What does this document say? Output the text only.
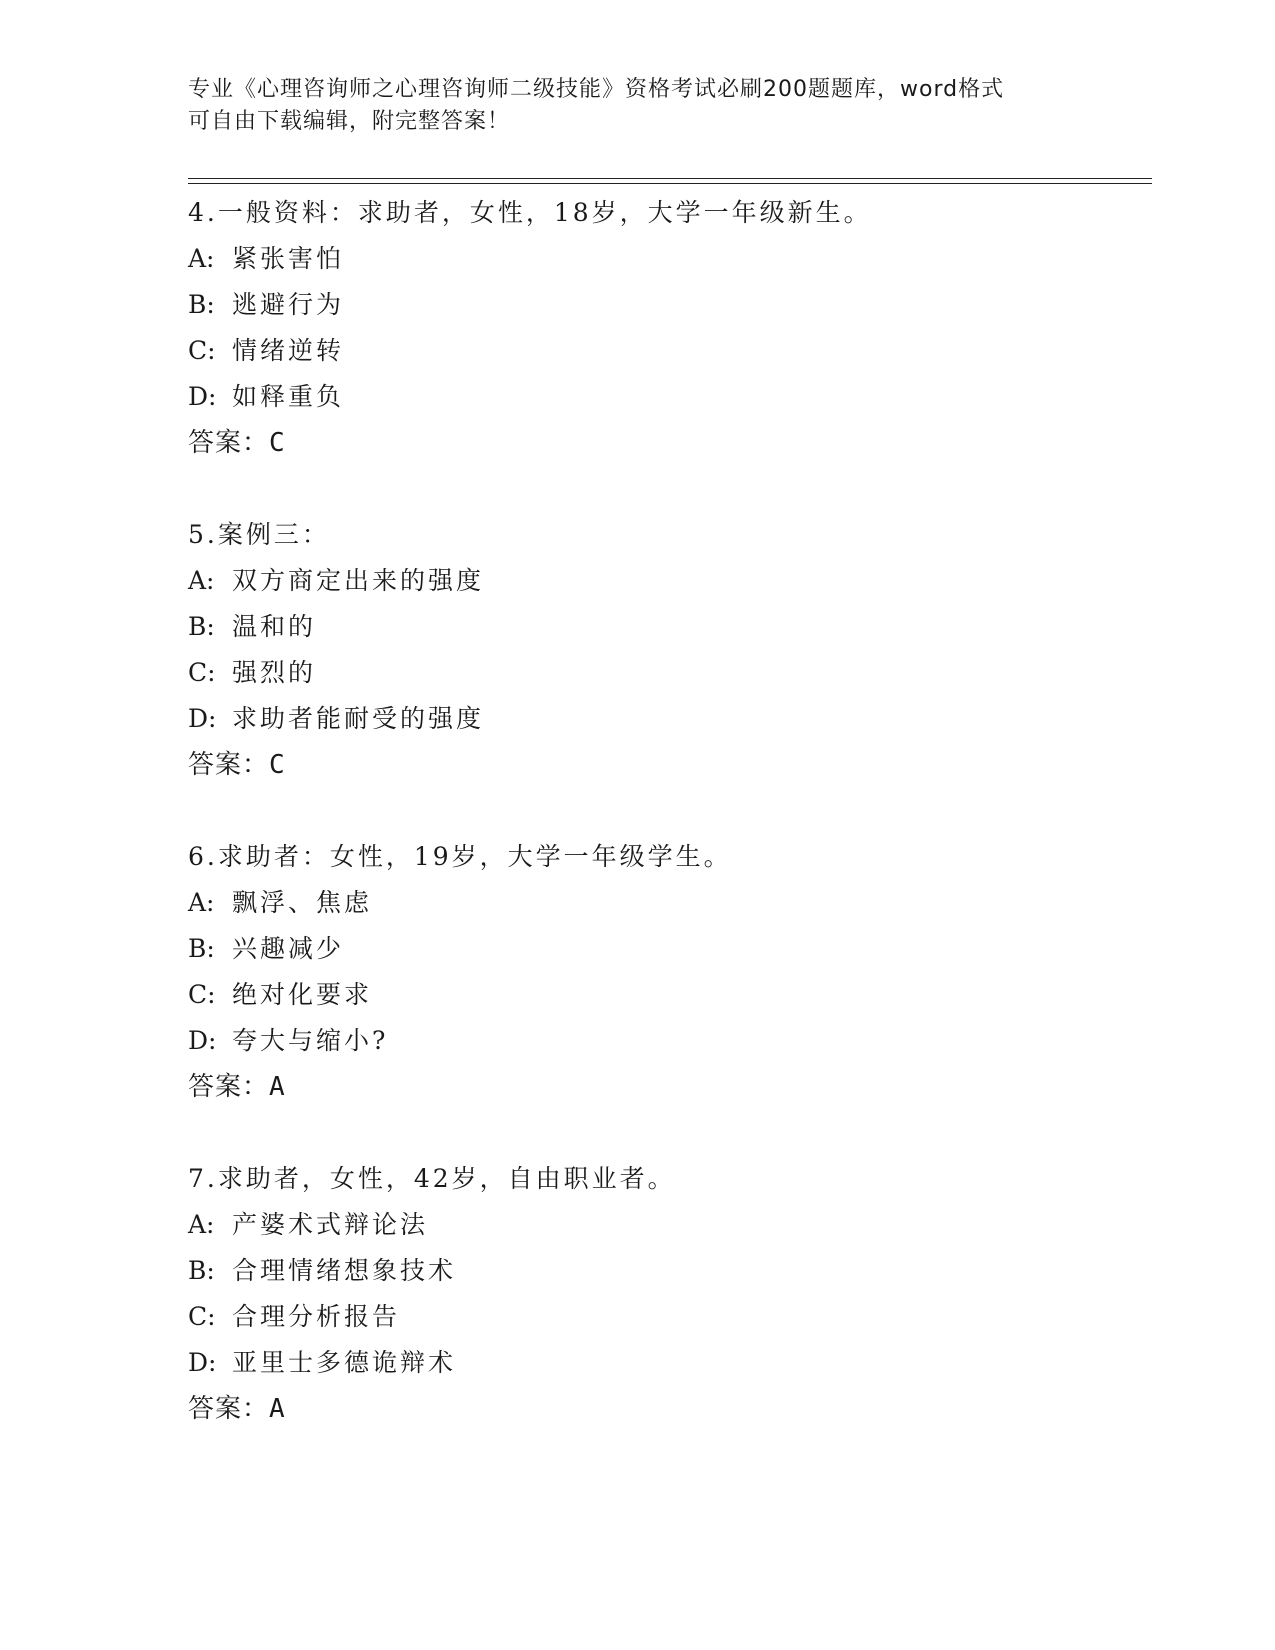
专业《心理咨询师之心理咨询师二级技能》资格考试必刷200题题库，word格式
可自由下载编辑，附完整答案！
4.一般资料：求助者，女性，18岁，大学一年级新生。
A: 紧张害怕
B: 逃避行为
C: 情绪逆转
D: 如释重负
答案：C
5.案例三：
A: 双方商定出来的强度
B: 温和的
C: 强烈的
D: 求助者能耐受的强度
答案：C
6.求助者：女性，19岁，大学一年级学生。
A: 飘浮、焦虑
B: 兴趣减少
C: 绝对化要求
D: 夸大与缩小?
答案：A
7.求助者，女性，42岁，自由职业者。
A: 产婆术式辩论法
B: 合理情绪想象技术
C: 合理分析报告
D: 亚里士多德诡辩术
答案：A
